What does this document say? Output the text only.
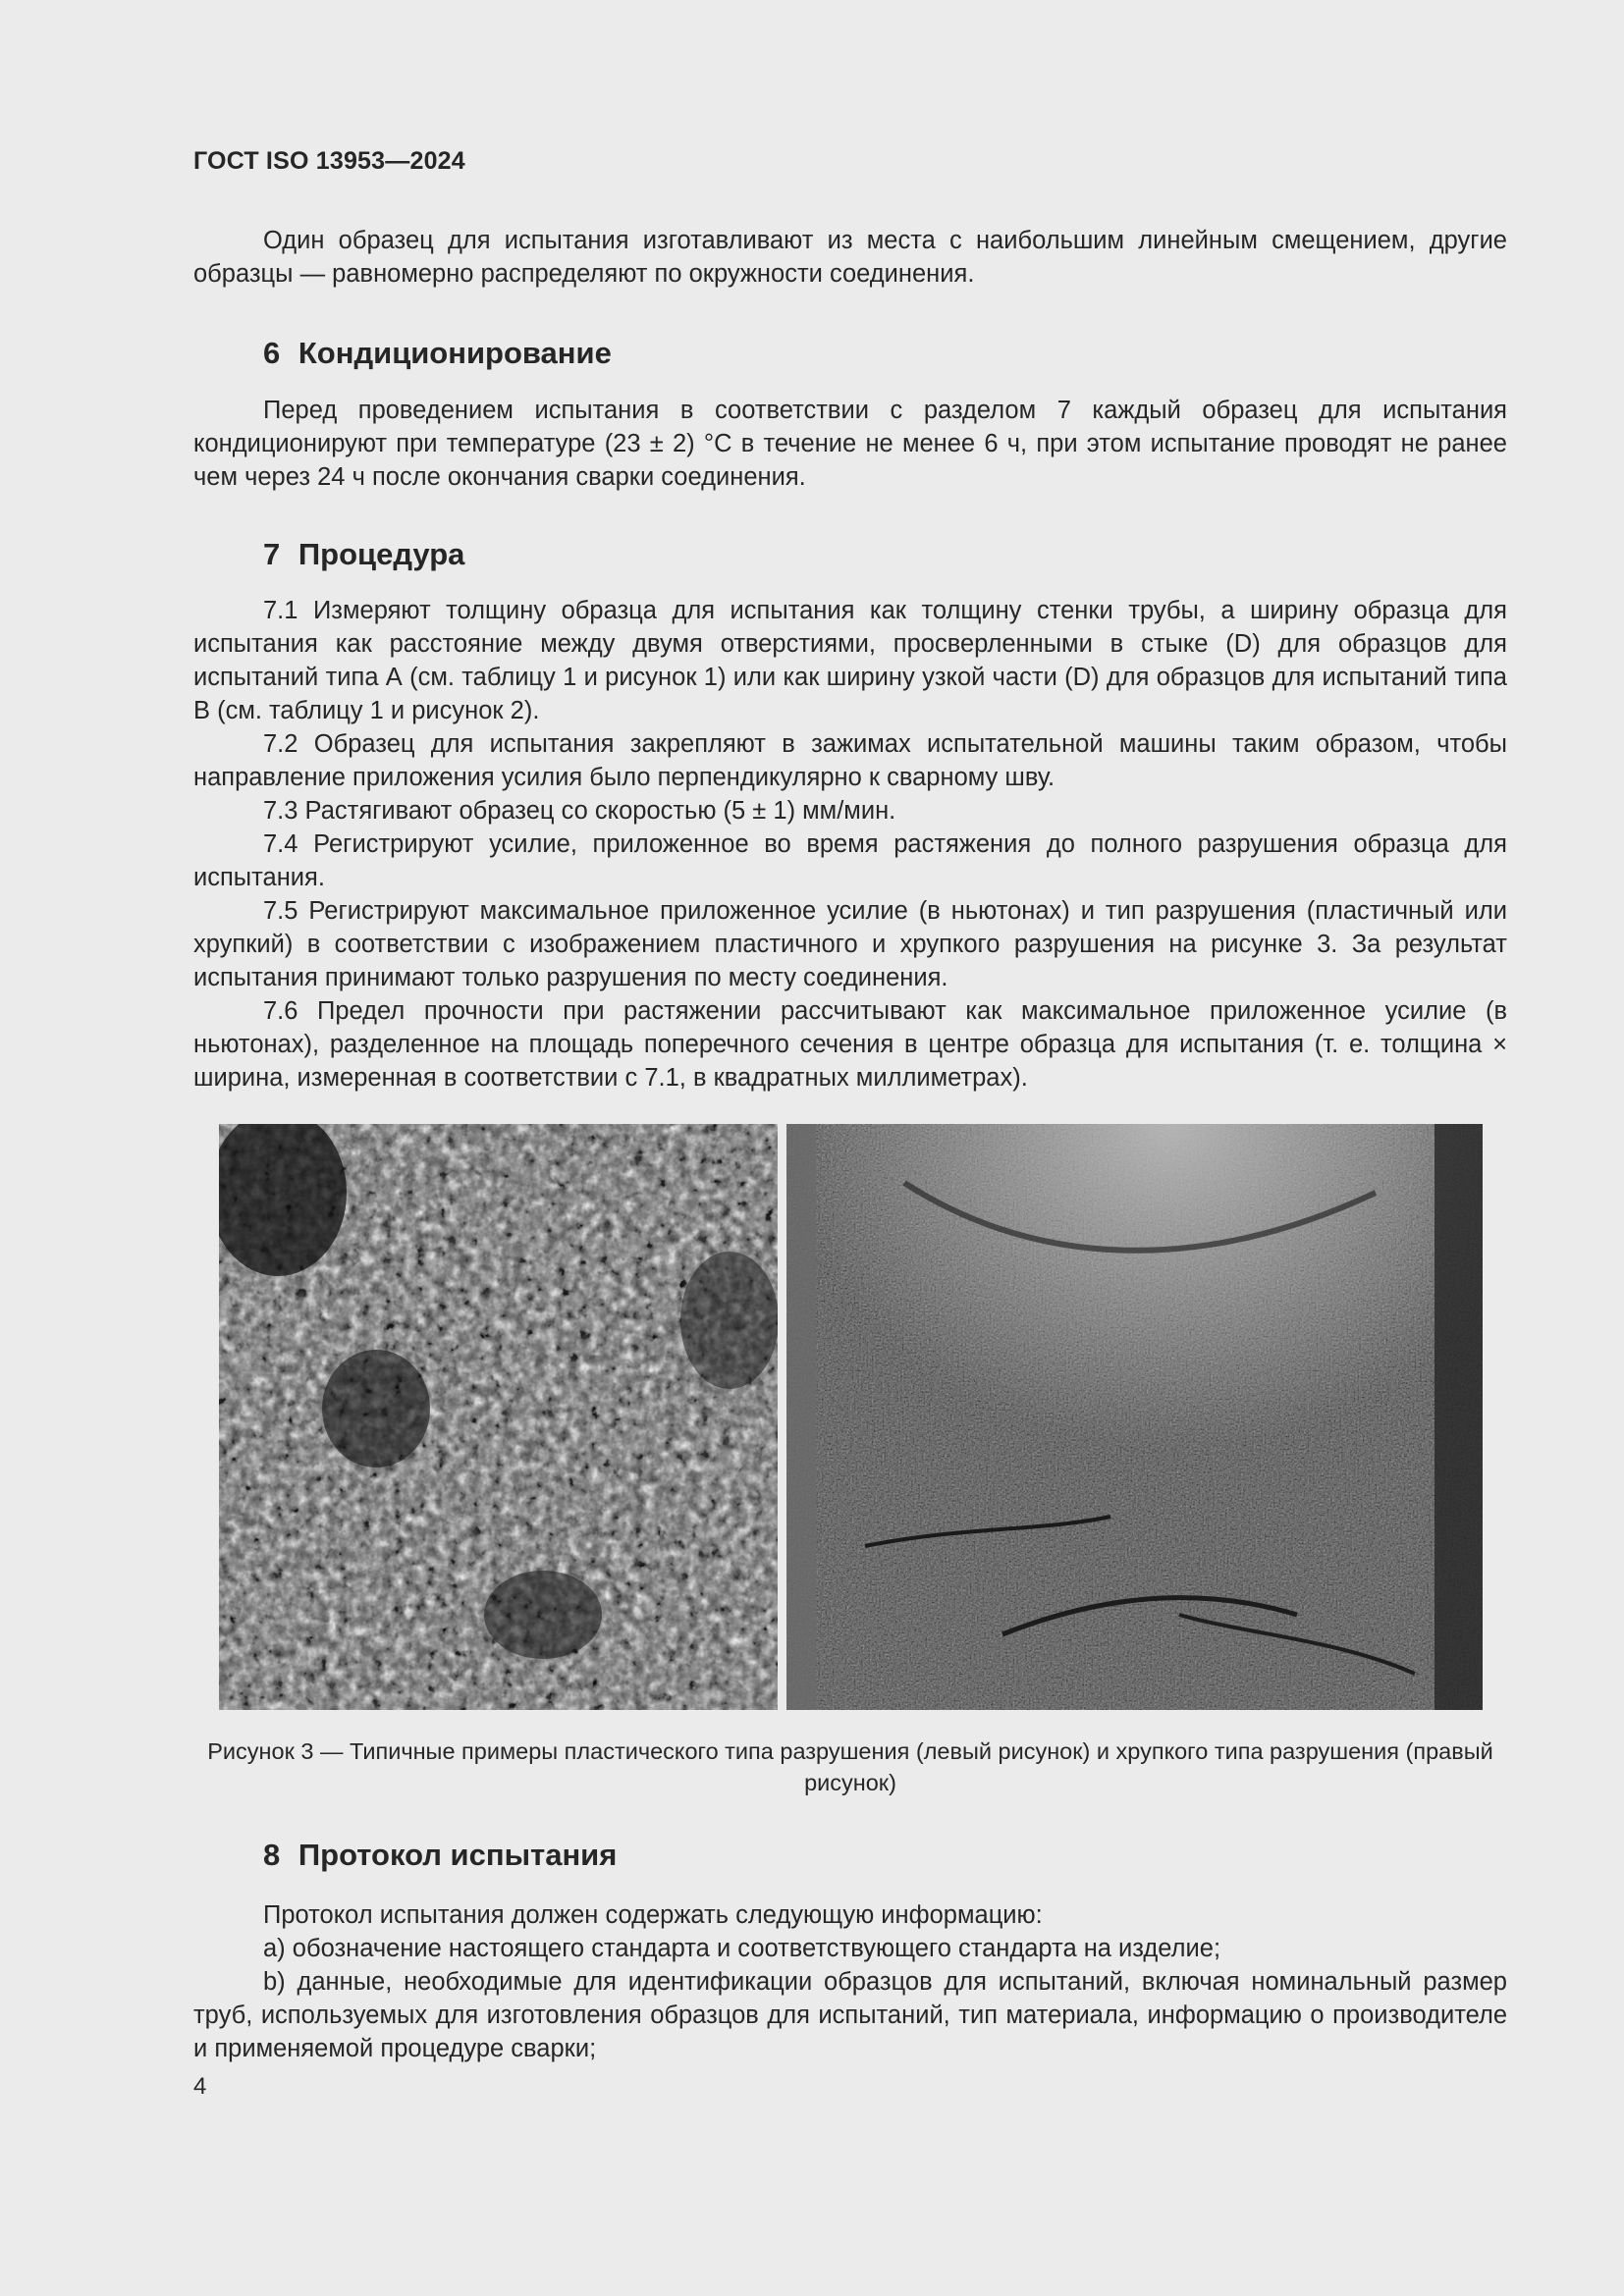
ГОСТ ISO 13953—2024

Один образец для испытания изготавливают из места с наибольшим линейным смещением, другие образцы — равномерно распределяют по окружности соединения.

6 Кондиционирование

Перед проведением испытания в соответствии с разделом 7 каждый образец для испытания кондиционируют при температуре (23 ± 2) °С в течение не менее 6 ч, при этом испытание проводят не ранее чем через 24 ч после окончания сварки соединения.

7 Процедура

7.1 Измеряют толщину образца для испытания как толщину стенки трубы, а ширину образца для испытания как расстояние между двумя отверстиями, просверленными в стыке (D) для образцов для испытаний типа А (см. таблицу 1 и рисунок 1) или как ширину узкой части (D) для образцов для испытаний типа В (см. таблицу 1 и рисунок 2).

7.2 Образец для испытания закрепляют в зажимах испытательной машины таким образом, чтобы направление приложения усилия было перпендикулярно к сварному шву.

7.3 Растягивают образец со скоростью (5 ± 1) мм/мин.

7.4 Регистрируют усилие, приложенное во время растяжения до полного разрушения образца для испытания.

7.5 Регистрируют максимальное приложенное усилие (в ньютонах) и тип разрушения (пластичный или хрупкий) в соответствии с изображением пластичного и хрупкого разрушения на рисунке 3. За результат испытания принимают только разрушения по месту соединения.

7.6 Предел прочности при растяжении рассчитывают как максимальное приложенное усилие (в ньютонах), разделенное на площадь поперечного сечения в центре образца для испытания (т. е. толщина × ширина, измеренная в соответствии с 7.1, в квадратных миллиметрах).

Рисунок 3 — Типичные примеры пластического типа разрушения (левый рисунок) и хрупкого типа разрушения (правый рисунок)
8 Протокол испытания

Протокол испытания должен содержать следующую информацию:

a) обозначение настоящего стандарта и соответствующего стандарта на изделие;

b) данные, необходимые для идентификации образцов для испытаний, включая номинальный размер труб, используемых для изготовления образцов для испытаний, тип материала, информацию о производителе и применяемой процедуре сварки;

4
